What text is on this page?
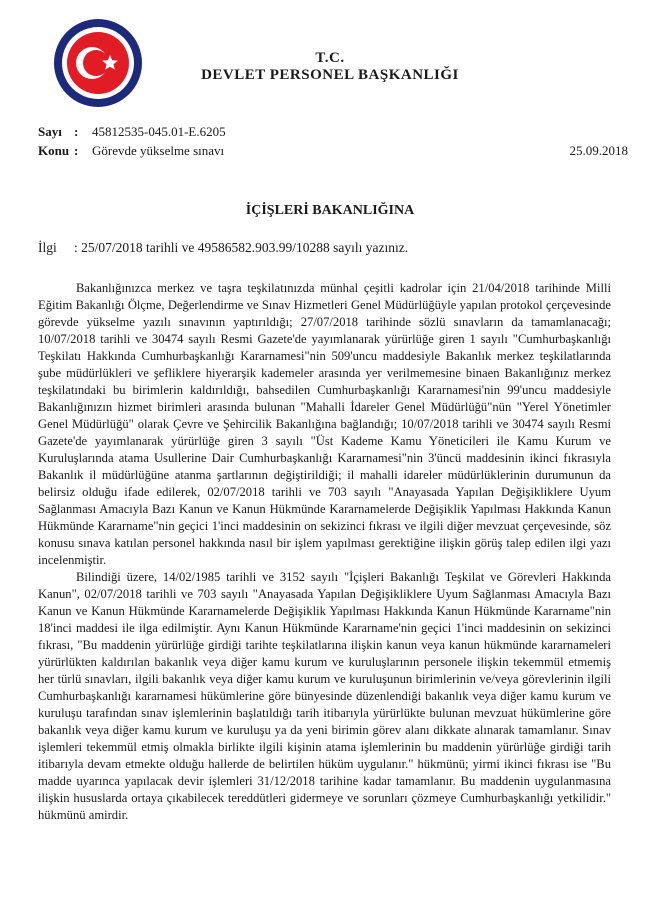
T.C.
DEVLET PERSONEL BAŞKANLIĞI
Sayı : 45812535-045.01-E.6205
Konu : Görevde yükselme sınavı	25.09.2018
İÇİŞLERİ BAKANLIĞINA
İlgi : 25/07/2018 tarihli ve 49586582.903.99/10288 sayılı yazınız.

Bakanlığınızca merkez ve taşra teşkilatınızda münhal çeşitli kadrolar için 21/04/2018 tarihinde Milli Eğitim Bakanlığı Ölçme, Değerlendirme ve Sınav Hizmetleri Genel Müdürlüğüyle yapılan protokol çerçevesinde görevde yükselme yazılı sınavının yaptırıldığı; 27/07/2018 tarihinde sözlü sınavların da tamamlanacağı; 10/07/2018 tarihli ve 30474 sayılı Resmi Gazete'de yayımlanarak yürürlüğe giren 1 sayılı "Cumhurbaşkanlığı Teşkilatı Hakkında Cumhurbaşkanlığı Kararnamesi"nin 509'uncu maddesiyle Bakanlık merkez teşkilatlarında şube müdürlükleri ve şefliklere hiyerarşik kademeler arasında yer verilmemesine binaen Bakanlığınız merkez teşkilatındaki bu birimlerin kaldırıldığı, bahsedilen Cumhurbaşkanlığı Kararnamesi'nin 99'uncu maddesiyle Bakanlığınızın hizmet birimleri arasında bulunan "Mahalli İdareler Genel Müdürlüğü"nün "Yerel Yönetimler Genel Müdürlüğü" olarak Çevre ve Şehircilik Bakanlığına bağlandığı; 10/07/2018 tarihli ve 30474 sayılı Resmi Gazete'de yayımlanarak yürürlüğe giren 3 sayılı "Üst Kademe Kamu Yöneticileri ile Kamu Kurum ve Kuruluşlarında atama Usullerine Dair Cumhurbaşkanlığı Kararnamesi"nin 3'üncü maddesinin ikinci fıkrasıyla Bakanlık il müdürlüğüne atanma şartlarının değiştirildiği; il mahalli idareler müdürlüklerinin durumunun da belirsiz olduğu ifade edilerek, 02/07/2018 tarihli ve 703 sayılı "Anayasada Yapılan Değişikliklere Uyum Sağlanması Amacıyla Bazı Kanun ve Kanun Hükmünde Kararnamelerde Değişiklik Yapılması Hakkında Kanun Hükmünde Kararname"nin geçici 1'inci maddesinin on sekizinci fıkrası ve ilgili diğer mevzuat çerçevesinde, söz konusu sınava katılan personel hakkında nasıl bir işlem yapılması gerektiğine ilişkin görüş talep edilen ilgi yazı incelenmiştir.

Bilindiği üzere, 14/02/1985 tarihli ve 3152 sayılı "İçişleri Bakanlığı Teşkilat ve Görevleri Hakkında Kanun", 02/07/2018 tarihli ve 703 sayılı "Anayasada Yapılan Değişikliklere Uyum Sağlanması Amacıyla Bazı Kanun ve Kanun Hükmünde Kararnamelerde Değişiklik Yapılması Hakkında Kanun Hükmünde Kararname"nin 18'inci maddesi ile ilga edilmiştir. Aynı Kanun Hükmünde Kararname'nin geçici 1'inci maddesinin on sekizinci fıkrası, "Bu maddenin yürürlüğe girdiği tarihte teşkilatlarına ilişkin kanun veya kanun hükmünde kararnameleri yürürlükten kaldırılan bakanlık veya diğer kamu kurum ve kuruluşlarının personele ilişkin tekemmül etmemiş her türlü sınavları, ilgili bakanlık veya diğer kamu kurum ve kuruluşunun birimlerinin ve/veya görevlerinin ilgili Cumhurbaşkanlığı kararnamesi hükümlerine göre bünyesinde düzenlendiği bakanlık veya diğer kamu kurum ve kuruluşu tarafından sınav işlemlerinin başlatıldığı tarih itibarıyla yürürlükte bulunan mevzuat hükümlerine göre bakanlık veya diğer kamu kurum ve kuruluşu ya da yeni birimin görev alanı dikkate alınarak tamamlanır. Sınav işlemleri tekemmül etmiş olmakla birlikte ilgili kişinin atama işlemlerinin bu maddenin yürürlüğe girdiği tarih itibarıyla devam etmekte olduğu hallerde de belirtilen hüküm uygulanır." hükmünü; yirmi ikinci fıkrası ise "Bu madde uyarınca yapılacak devir işlemleri 31/12/2018 tarihine kadar tamamlanır. Bu maddenin uygulanmasına ilişkin hususlarda ortaya çıkabilecek tereddütleri gidermeye ve sorunları çözmeye Cumhurbaşkanlığı yetkilidir." hükmünü amirdir.
